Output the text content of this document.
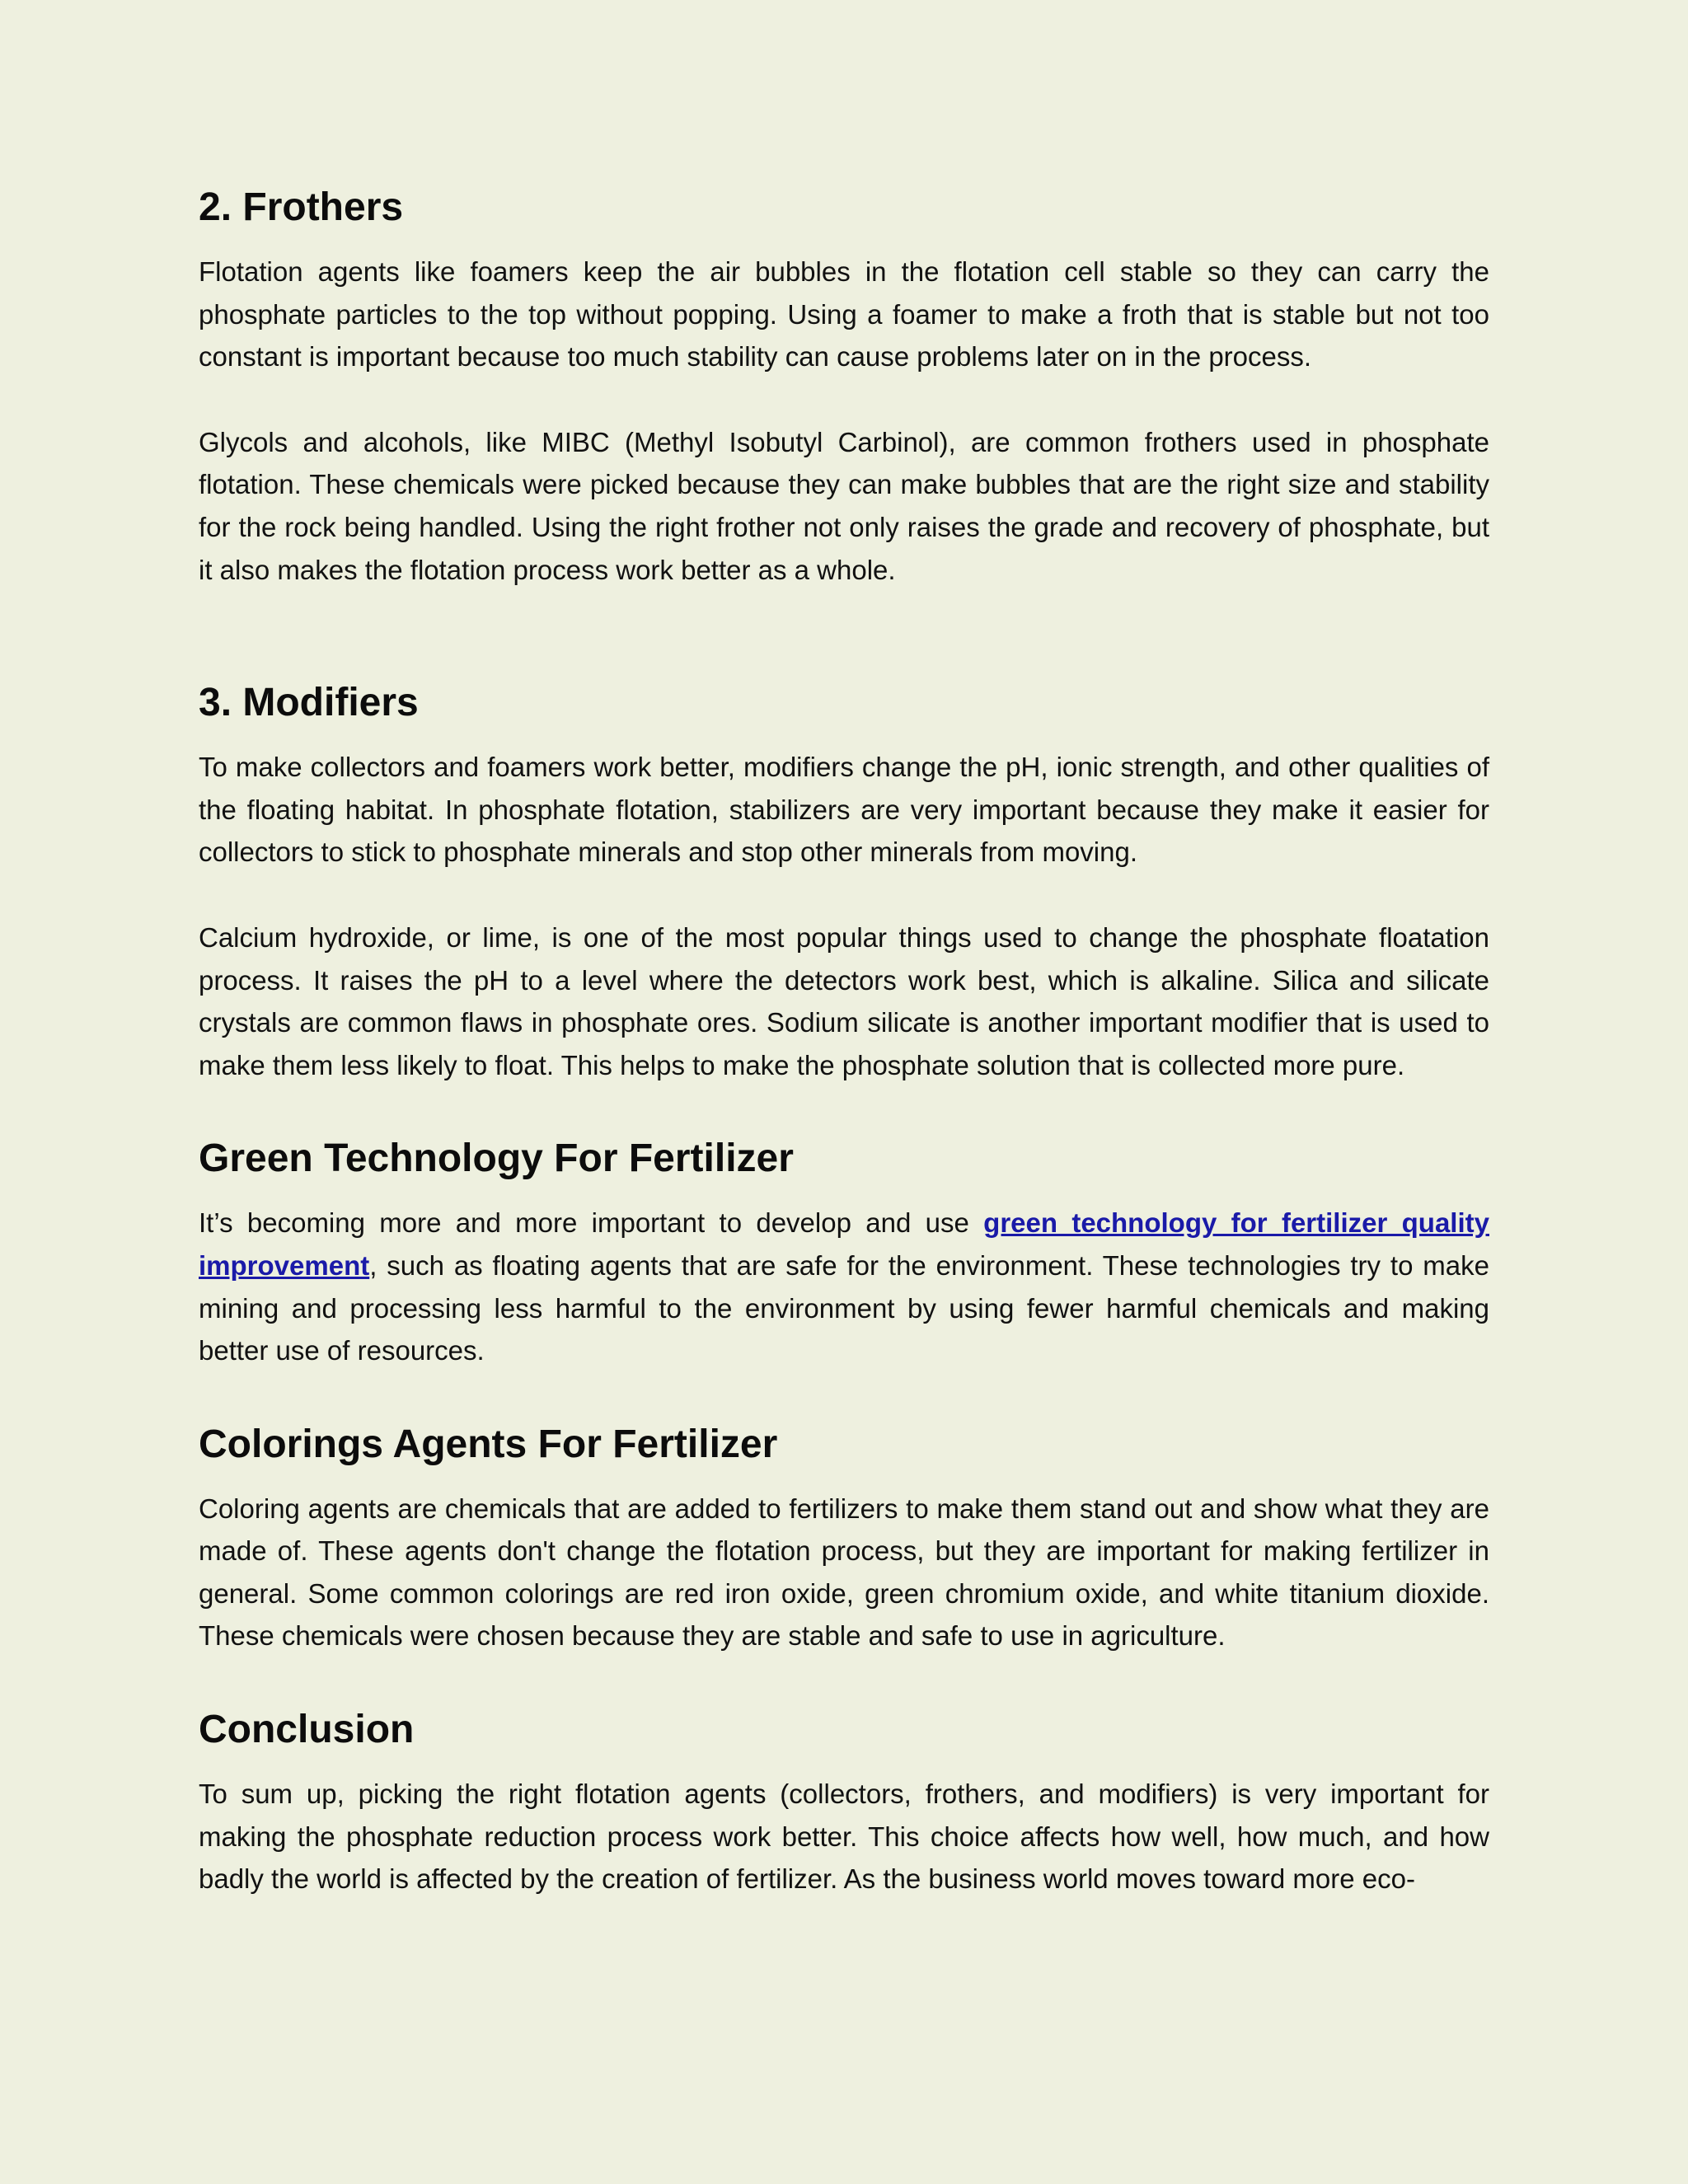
2. Frothers

Flotation agents like foamers keep the air bubbles in the flotation cell stable so they can carry the phosphate particles to the top without popping. Using a foamer to make a froth that is stable but not too constant is important because too much stability can cause problems later on in the process.

Glycols and alcohols, like MIBC (Methyl Isobutyl Carbinol), are common frothers used in phosphate flotation. These chemicals were picked because they can make bubbles that are the right size and stability for the rock being handled. Using the right frother not only raises the grade and recovery of phosphate, but it also makes the flotation process work better as a whole.

3. Modifiers

To make collectors and foamers work better, modifiers change the pH, ionic strength, and other qualities of the floating habitat. In phosphate flotation, stabilizers are very important because they make it easier for collectors to stick to phosphate minerals and stop other minerals from moving.

Calcium hydroxide, or lime, is one of the most popular things used to change the phosphate floatation process. It raises the pH to a level where the detectors work best, which is alkaline. Silica and silicate crystals are common flaws in phosphate ores. Sodium silicate is another important modifier that is used to make them less likely to float. This helps to make the phosphate solution that is collected more pure.

Green Technology For Fertilizer

It’s becoming more and more important to develop and use green technology for fertilizer quality improvement, such as floating agents that are safe for the environment. These technologies try to make mining and processing less harmful to the environment by using fewer harmful chemicals and making better use of resources.

Colorings Agents For Fertilizer

Coloring agents are chemicals that are added to fertilizers to make them stand out and show what they are made of. These agents don't change the flotation process, but they are important for making fertilizer in general. Some common colorings are red iron oxide, green chromium oxide, and white titanium dioxide. These chemicals were chosen because they are stable and safe to use in agriculture.

Conclusion

To sum up, picking the right flotation agents (collectors, frothers, and modifiers) is very important for making the phosphate reduction process work better. This choice affects how well, how much, and how badly the world is affected by the creation of fertilizer. As the business world moves toward more eco-
